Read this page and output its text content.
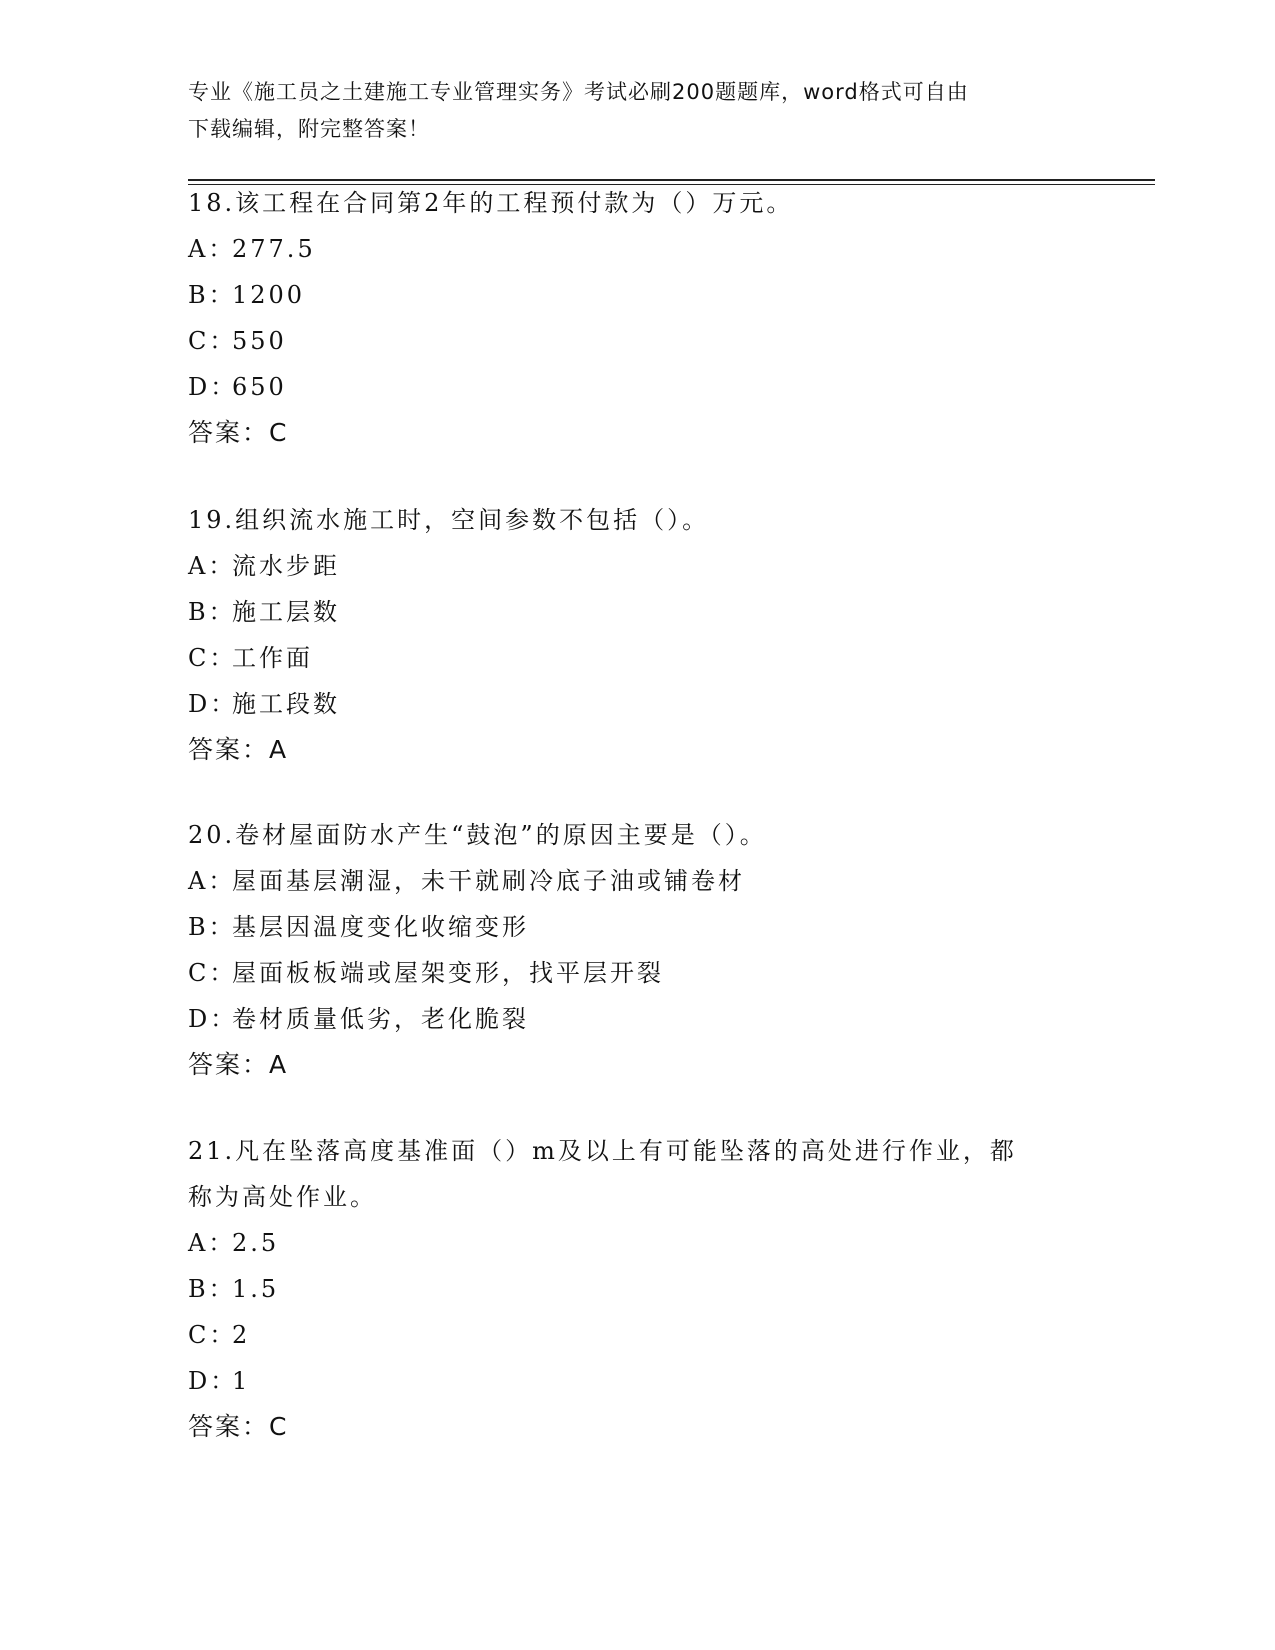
专业《施工员之土建施工专业管理实务》考试必刷200题题库，word格式可自由
下载编辑，附完整答案！
18.该工程在合同第2年的工程预付款为（）万元。
A：277.5
B：1200
C：550
D：650
答案：C
19.组织流水施工时，空间参数不包括（）。
A：流水步距
B：施工层数
C：工作面
D：施工段数
答案：A
20.卷材屋面防水产生“鼓泡”的原因主要是（）。
A：屋面基层潮湿，未干就刷冷底子油或铺卷材
B：基层因温度变化收缩变形
C：屋面板板端或屋架变形，找平层开裂
D：卷材质量低劣，老化脆裂
答案：A
21.凡在坠落高度基准面（）m及以上有可能坠落的高处进行作业，都
称为高处作业。
A：2.5
B：1.5
C：2
D：1
答案：C
